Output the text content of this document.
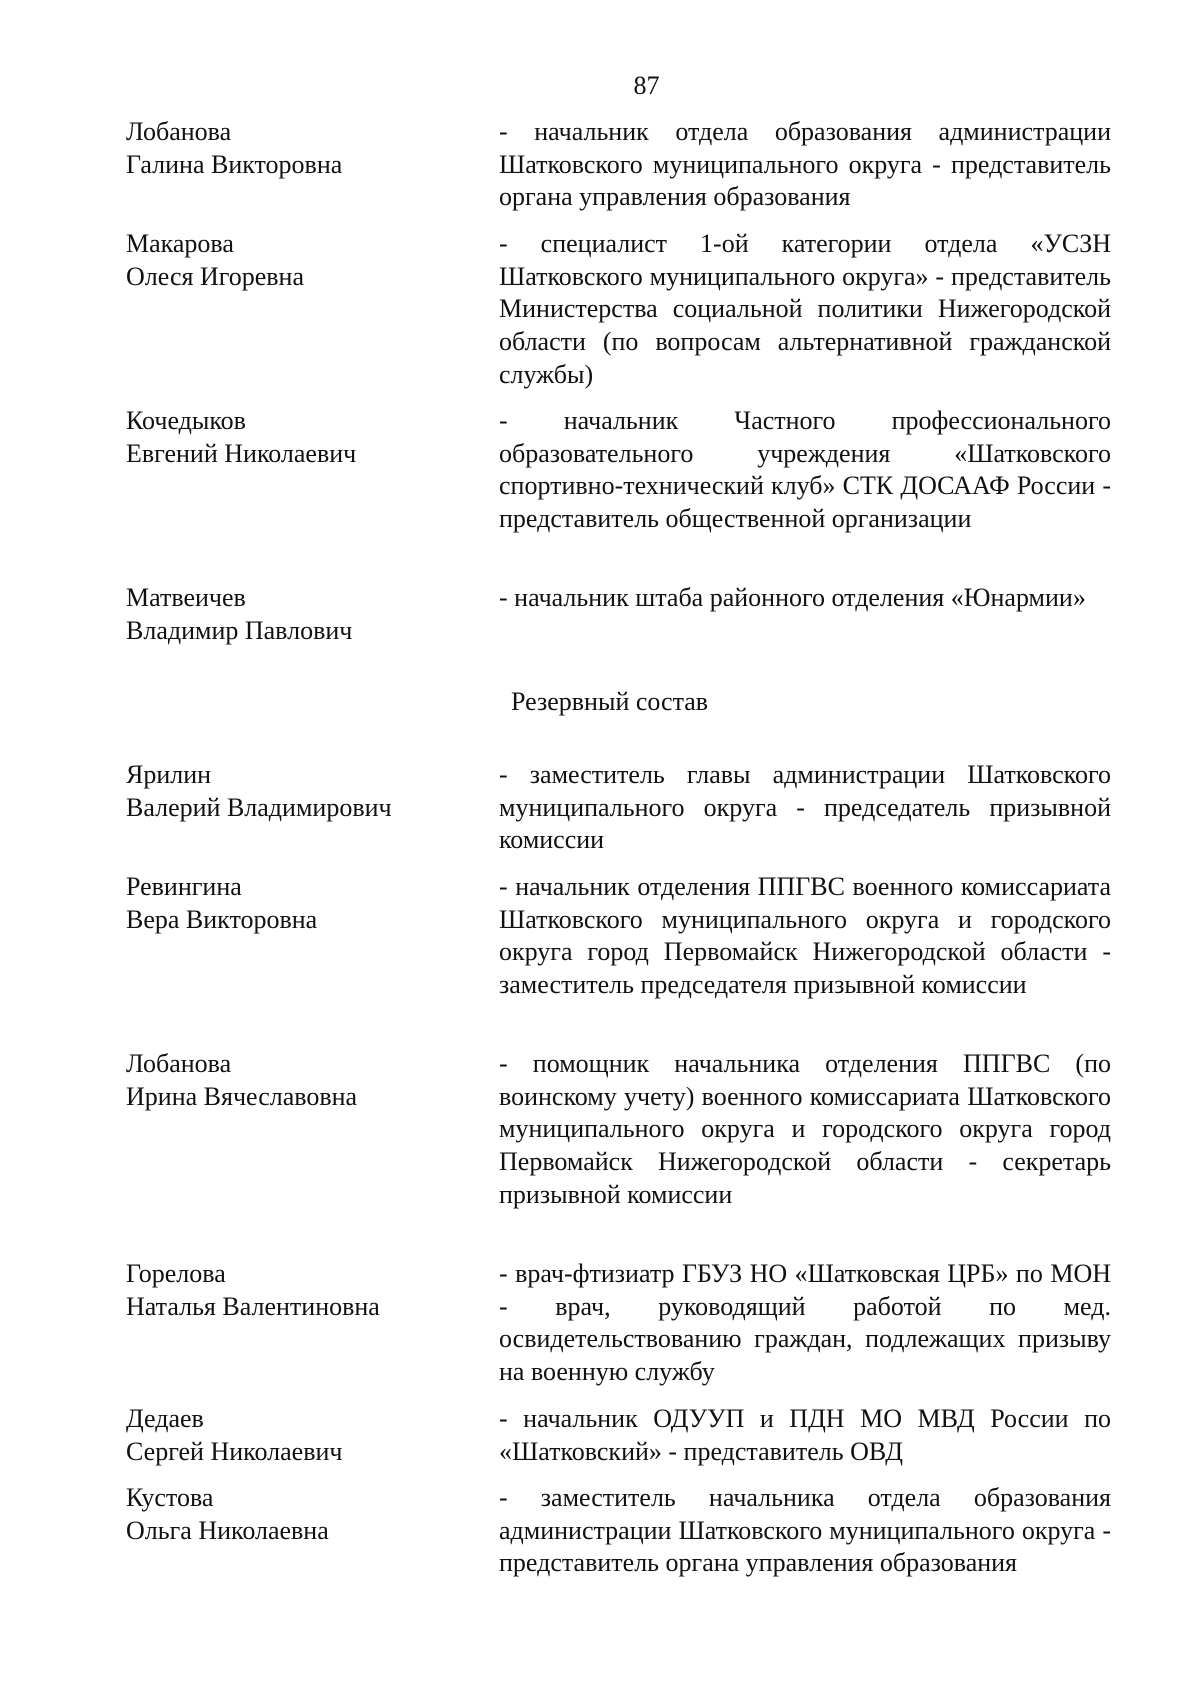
87
Лобанова
Галина Викторовна
- начальник отдела образования администрации Шатковского муниципального округа - представитель органа управления образования
Макарова
Олеся Игоревна
- специалист 1-ой категории отдела «УСЗН Шатковского муниципального округа» - представитель Министерства социальной политики Нижегородской области (по вопросам альтернативной гражданской службы)
Кочедыков
Евгений Николаевич
- начальник Частного профессионального образовательного учреждения «Шатковского спортивно-технический клуб» СТК ДОСААФ России - представитель общественной организации
Матвеичев
Владимир Павлович
- начальник штаба районного отделения «Юнармии»
Резервный состав
Ярилин
Валерий Владимирович
- заместитель главы администрации Шатковского муниципального округа - председатель призывной комиссии
Ревингина
Вера Викторовна
- начальник отделения ППГВС военного комиссариата Шатковского муниципального округа и городского округа город Первомайск Нижегородской области - заместитель председателя призывной комиссии
Лобанова
Ирина Вячеславовна
- помощник начальника отделения ППГВС (по воинскому учету) военного комиссариата Шатковского муниципального округа и городского округа город Первомайск Нижегородской области - секретарь призывной комиссии
Горелова
Наталья Валентиновна
- врач-фтизиатр ГБУЗ НО «Шатковская ЦРБ» по МОН - врач, руководящий работой по мед. освидетельствованию граждан, подлежащих призыву на военную службу
Дедаев
Сергей Николаевич
- начальник ОДУУП и ПДН МО МВД России по «Шатковский» - представитель ОВД
Кустова
Ольга Николаевна
- заместитель начальника отдела образования администрации Шатковского муниципального округа - представитель органа управления образования
